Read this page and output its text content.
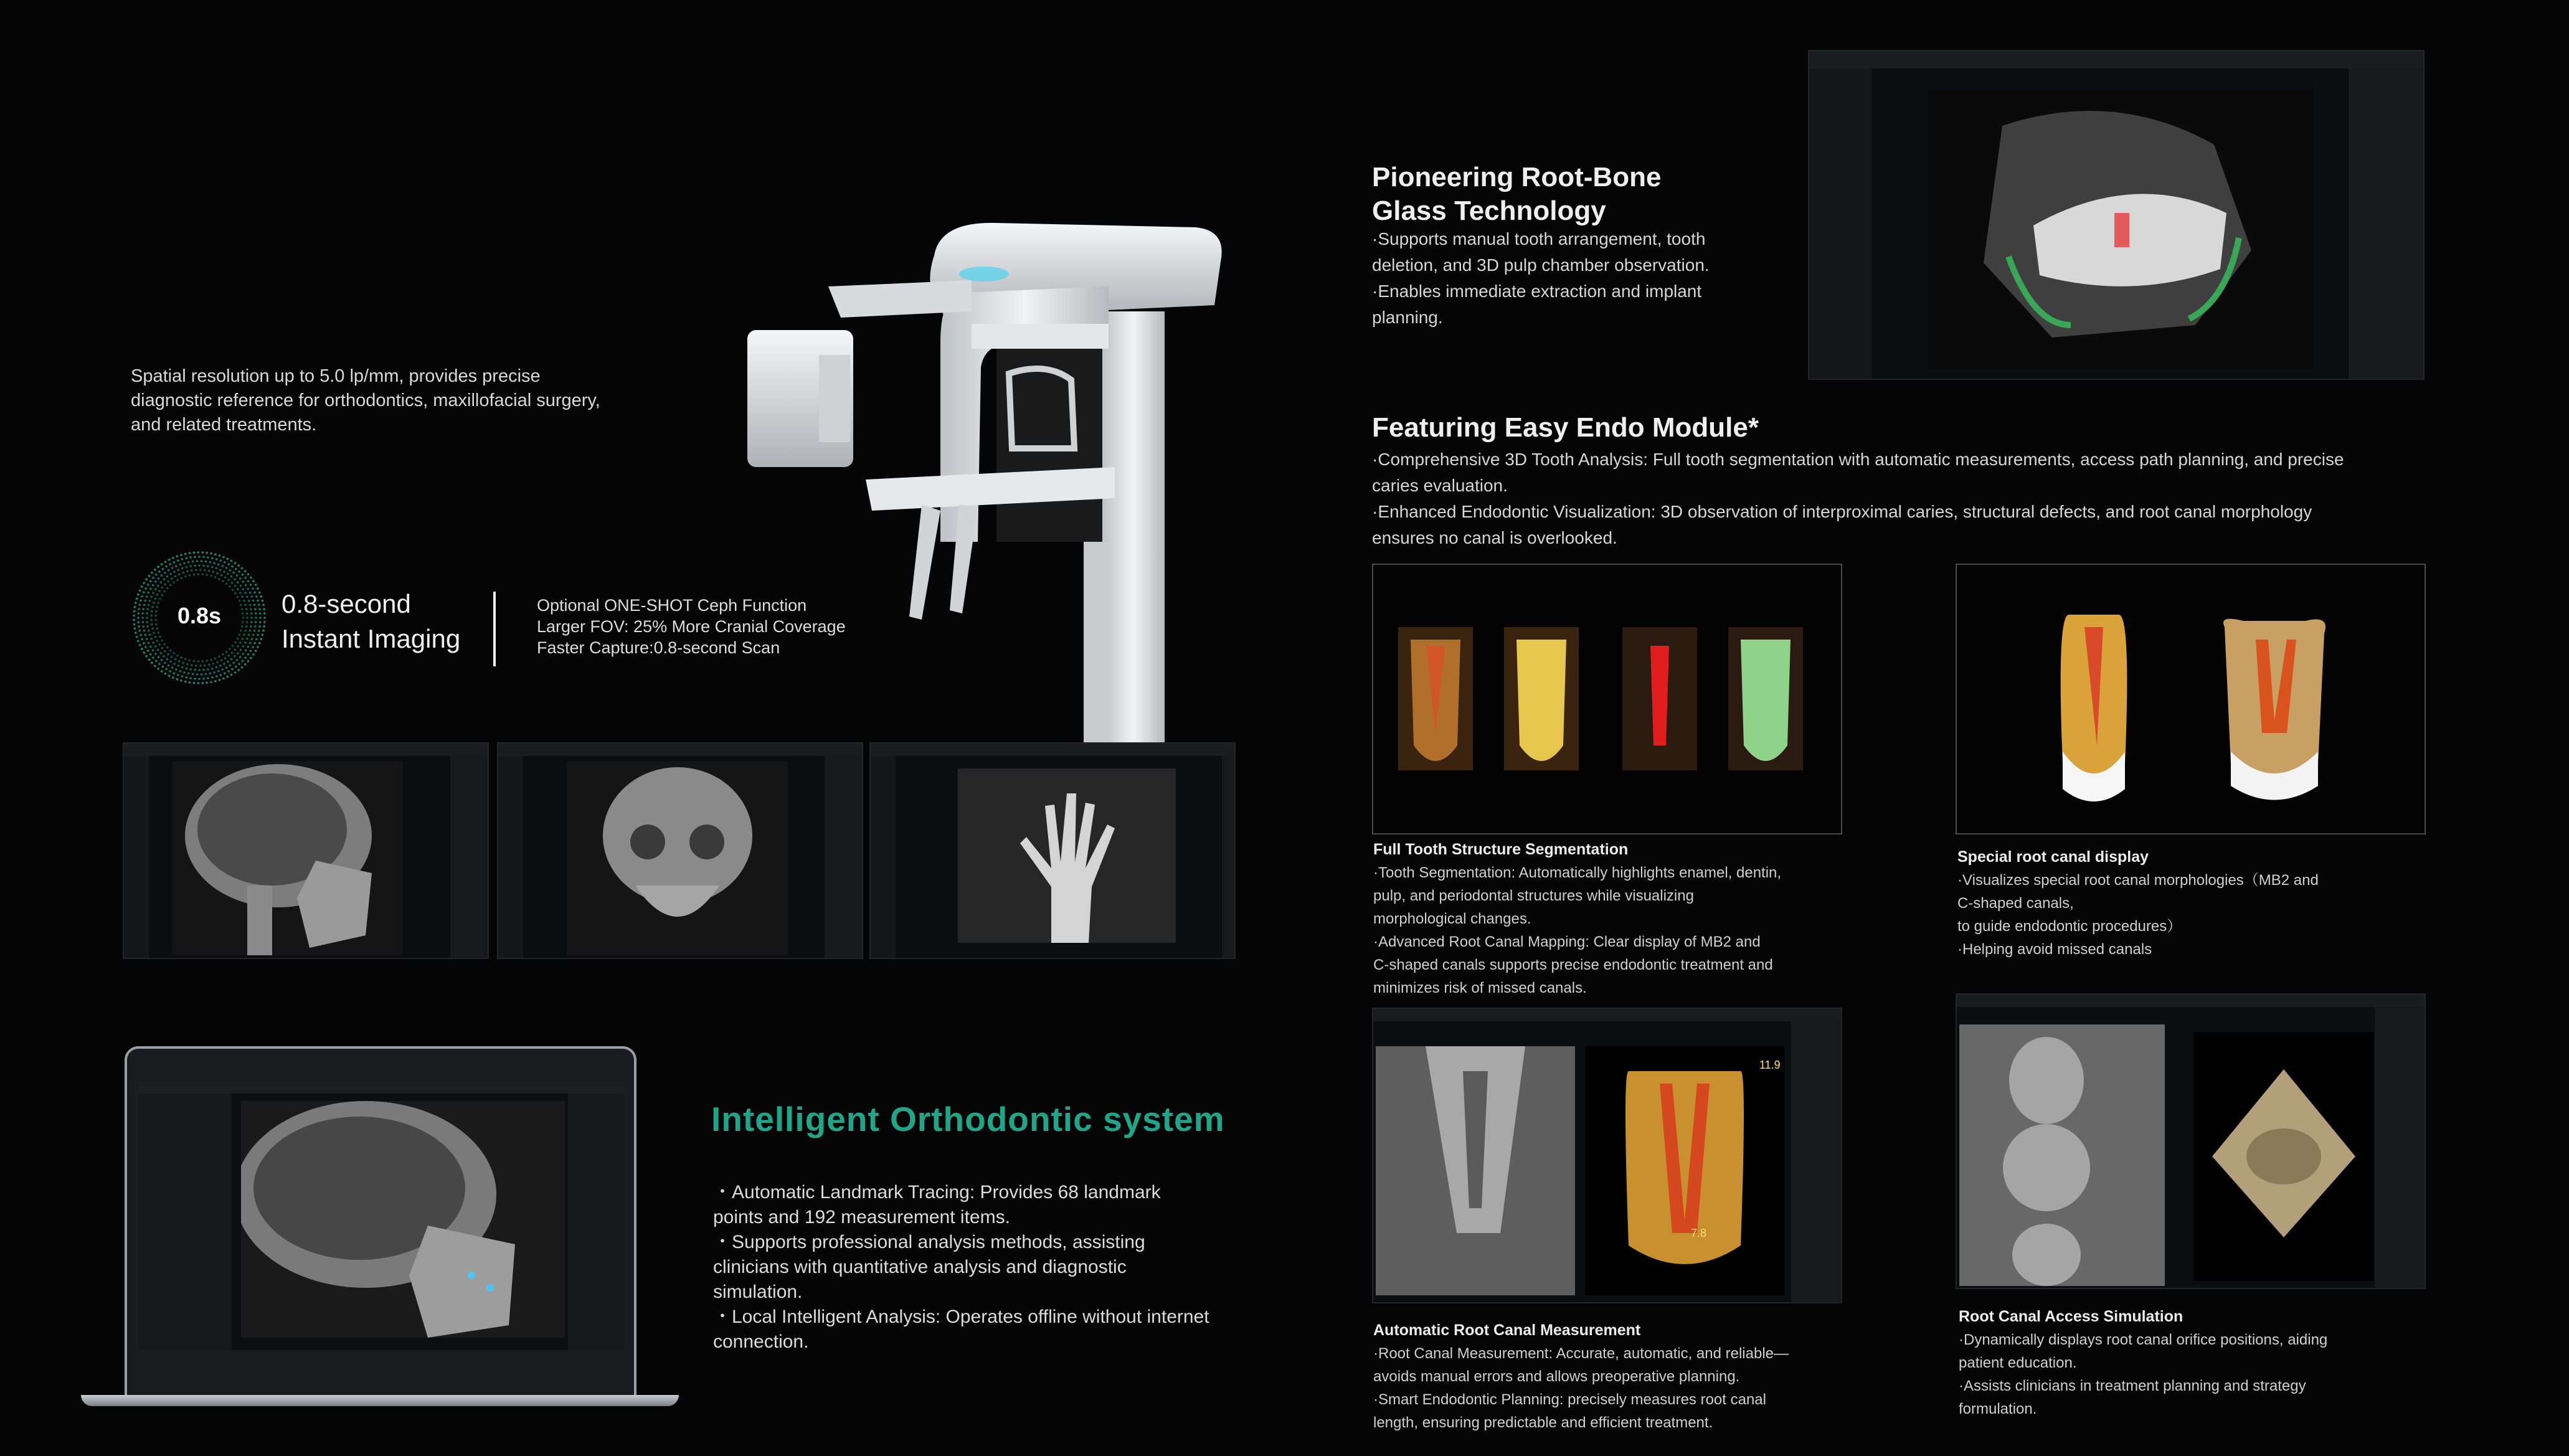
Spatial resolution up to 5.0 lp/mm, provides precise diagnostic reference for orthodontics, maxillofacial surgery, and related treatments.
0.8s	0.8-second
Instant Imaging
Optional ONE-SHOT Ceph Function
Larger FOV: 25% More Cranial Coverage
Faster Capture:0.8-second Scan
Intelligent Orthodontic system
・Automatic Landmark Tracing: Provides 68 landmark points and 192 measurement items.
・Supports professional analysis methods, assisting clinicians with quantitative analysis and diagnostic simulation.
・Local Intelligent Analysis: Operates offline without internet connection.
Pioneering Root-Bone
Glass Technology
·Supports manual tooth arrangement, tooth
deletion, and 3D pulp chamber observation.
·Enables immediate extraction and implant
planning.
Featuring Easy Endo Module*
·Comprehensive 3D Tooth Analysis: Full tooth segmentation with automatic measurements, access path planning, and precise
caries evaluation.
·Enhanced Endodontic Visualization: 3D observation of interproximal caries, structural defects, and root canal morphology
ensures no canal is overlooked.
Full Tooth Structure Segmentation
·Tooth Segmentation: Automatically highlights enamel, dentin,
pulp, and periodontal structures while visualizing
morphological changes.
·Advanced Root Canal Mapping: Clear display of MB2 and
C-shaped canals supports precise endodontic treatment and
minimizes risk of missed canals.
Special root canal display
·Visualizes special root canal morphologies（MB2 and
C-shaped canals,
to guide endodontic procedures）
·Helping avoid missed canals
11.9
7.8
Automatic Root Canal Measurement
·Root Canal Measurement: Accurate, automatic, and reliable—
avoids manual errors and allows preoperative planning.
·Smart Endodontic Planning: precisely measures root canal
length, ensuring predictable and efficient treatment.
Root Canal Access Simulation
·Dynamically displays root canal orifice positions, aiding
patient education.
·Assists clinicians in treatment planning and strategy
formulation.
